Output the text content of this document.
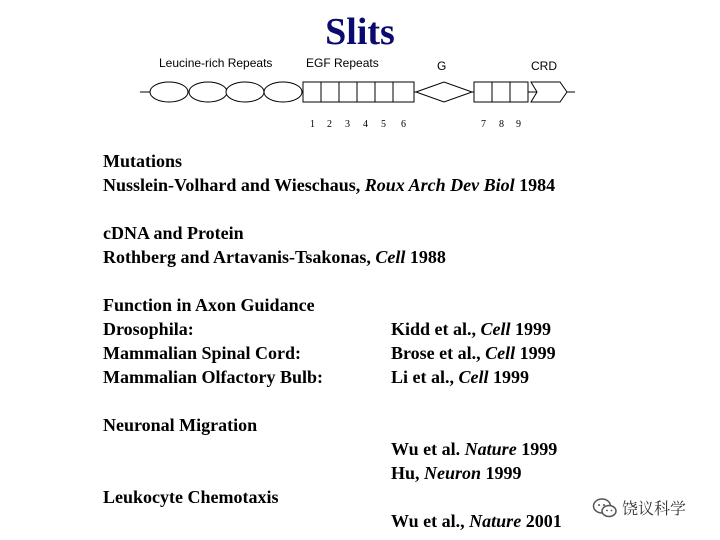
Slits
Leucine-rich Repeats	EGF Repeats	G	CRD
1 2 3 4 5 6	7 8 9
Mutations
Nusslein-Volhard and Wieschaus, Roux Arch Dev Biol 1984
cDNA and Protein
Rothberg and Artavanis-Tsakonas, Cell 1988
Function in Axon Guidance
Drosophila:	Kidd et al., Cell 1999
Mammalian Spinal Cord:	Brose et al., Cell 1999
Mammalian Olfactory Bulb:	Li et al., Cell 1999
Neuronal Migration
Wu et al. Nature 1999
Hu, Neuron 1999
Leukocyte Chemotaxis
Wu et al., Nature 2001
饶议科学
